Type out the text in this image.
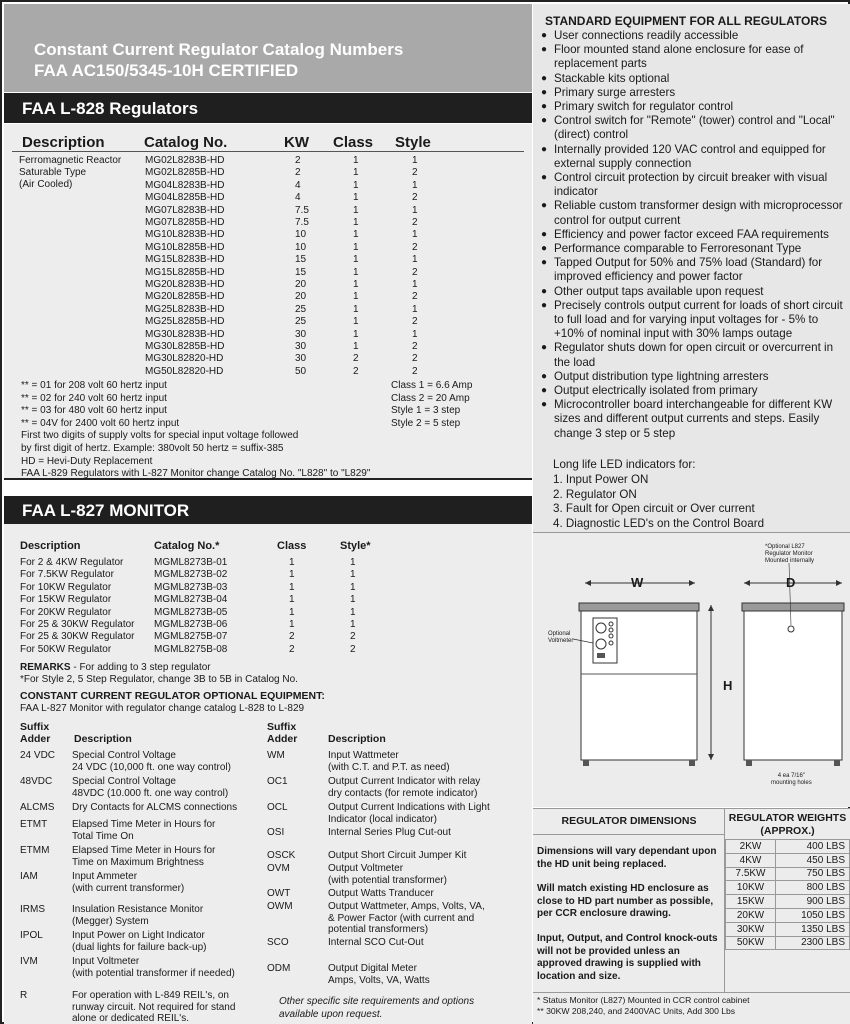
Constant Current Regulator Catalog Numbers
FAA AC150/5345-10H CERTIFIED
FAA L-828 Regulators
Description	Catalog No.	KW Class Style
Ferromagnetic Reactor
Saturable Type
(Air Cooled)
MG02L8283B-HD	2	1	1
MG02L8285B-HD	2	1	2
MG04L8283B-HD	4	1	1
MG04L8285B-HD	4	1	2
MG07L8283B-HD	7.5	1	1
MG07L8285B-HD	7.5	1	2
MG10L8283B-HD	10	1	1
MG10L8285B-HD	10	1	2
MG15L8283B-HD	15	1	1
MG15L8285B-HD	15	1	2
MG20L8283B-HD	20	1	1
MG20L8285B-HD	20	1	2
MG25L8283B-HD	25	1	1
MG25L8285B-HD	25	1	2
MG30L8283B-HD	30	1	1
MG30L8285B-HD	30	1	2
MG30L82820-HD	30	2	2
MG50L82820-HD	50	2	2
** = 01 for 208 volt 60 hertz input
** = 02 for 240 volt 60 hertz input
** = 03 for 480 volt 60 hertz input
** = 04V for 2400 volt 60 hertz input
First two digits of supply volts for special input voltage followed
by first digit of hertz. Example: 380volt 50 hertz = suffix-385
HD = Hevi-Duty Replacement
FAA L-829 Regulators with L-827 Monitor change Catalog No. "L828" to "L829"
Class 1 = 6.6 Amp
Class 2 = 20 Amp
Style 1 = 3 step
Style 2 = 5 step
FAA L-827 MONITOR
Description	Catalog No.*	Class	Style*
For 2 & 4KW Regulator	MGML8273B-01	1	1
For 7.5KW Regulator	MGML8273B-02	1	1
For 10KW Regulator	MGML8273B-03	1	1
For 15KW Regulator	MGML8273B-04	1	1
For 20KW Regulator	MGML8273B-05	1	1
For 25 & 30KW Regulator MGML8273B-06	1	1
For 25 & 30KW Regulator MGML8275B-07	2	2
For 50KW Regulator	MGML8275B-08	2	2
REMARKS - For adding to 3 step regulator
*For Style 2, 5 Step Regulator, change 3B to 5B in Catalog No.
CONSTANT CURRENT REGULATOR OPTIONAL EQUIPMENT:
FAA L-827 Monitor with regulator change catalog L-828 to L-829
Suffix
Adder Description
Suffix
Adder	Description
24 VDC Special Control Voltage
24 VDC (10,000 ft. one way control)
48VDC Special Control Voltage
48VDC (10.000 ft. one way control)
ALCMS Dry Contacts for ALCMS connections
ETMT Elapsed Time Meter in Hours for
Total Time On
ETMM Elapsed Time Meter in Hours for
Time on Maximum Brightness
IAM	Input Ammeter
(with current transformer)
IRMS	Insulation Resistance Monitor
(Megger) System
IPOL	Input Power on Light Indicator
(dual lights for failure back-up)
IVM	Input Voltmeter
(with potential transformer if needed)
R	For operation with L-849 REIL's, on
runway circuit. Not required for stand
alone or dedicated REIL's.
WM	Input Wattmeter
(with C.T. and P.T. as need)
OC1	Output Current Indicator with relay
dry contacts (for remote indicator)
OCL	Output Current Indications with Light
Indicator (local indicator)
OSI	Internal Series Plug Cut-out
OSCK	Output Short Circuit Jumper Kit
OVM	Output Voltmeter
(with potential transformer)
OWT	Output Watts Tranducer
OWM	Output Wattmeter, Amps, Volts, VA,
& Power Factor (with current and
potential transformers)
SCO	Internal SCO Cut-Out
ODM	Output Digital Meter
Amps, Volts, VA, Watts
Other specific site requirements and options
available upon request.
STANDARD EQUIPMENT FOR ALL REGULATORS
● User connections readily accessible
● Floor mounted stand alone enclosure for ease of replacement parts
● Stackable kits optional
● Primary surge arresters
● Primary switch for regulator control
● Control switch for "Remote" (tower) control and "Local" (direct) control
● Internally provided 120 VAC control and equipped for external supply connection
● Control circuit protection by circuit breaker with visual indicator
● Reliable custom transformer design with microprocessor control for output current
● Efficiency and power factor exceed FAA requirements
● Performance comparable to Ferroresonant Type
● Tapped Output for 50% and 75% load (Standard) for improved efficiency and power factor
● Other output taps available upon request
● Precisely controls output current for loads of short circuit to full load and for varying input voltages for - 5% to +10% of nominal input with 30% lamps outage
● Regulator shuts down for open circuit or overcurrent in the load
● Output distribution type lightning arresters
● Output electrically isolated from primary
● Microcontroller board interchangeable for different KW sizes and different output currents and steps. Easily change 3 step or 5 step
Long life LED indicators for:
1. Input Power ON
2. Regulator ON
3. Fault for Open circuit or Over current
4. Diagnostic LED's on the Control Board
W	D
H
*Optional L827
Regulator Monitor
Mounted internally
Optional
Voltmeter
4 ea 7/16"
mounting holes
REGULATOR DIMENSIONS
Dimensions will vary dependant upon the HD unit being replaced.
Will match existing HD enclosure as close to HD part number as possible, per CCR enclosure drawing.
Input, Output, and Control knock-outs will not be provided unless an approved drawing is supplied with location and size.
REGULATOR WEIGHTS
(APPROX.)
2KW	400 LBS
4KW	450 LBS
7.5KW	750 LBS
10KW	800 LBS
15KW	900 LBS
20KW	1050 LBS
30KW	1350 LBS
50KW	2300 LBS
* Status Monitor (L827) Mounted in CCR control cabinet
** 30KW 208,240, and 2400VAC Units, Add 300 Lbs
